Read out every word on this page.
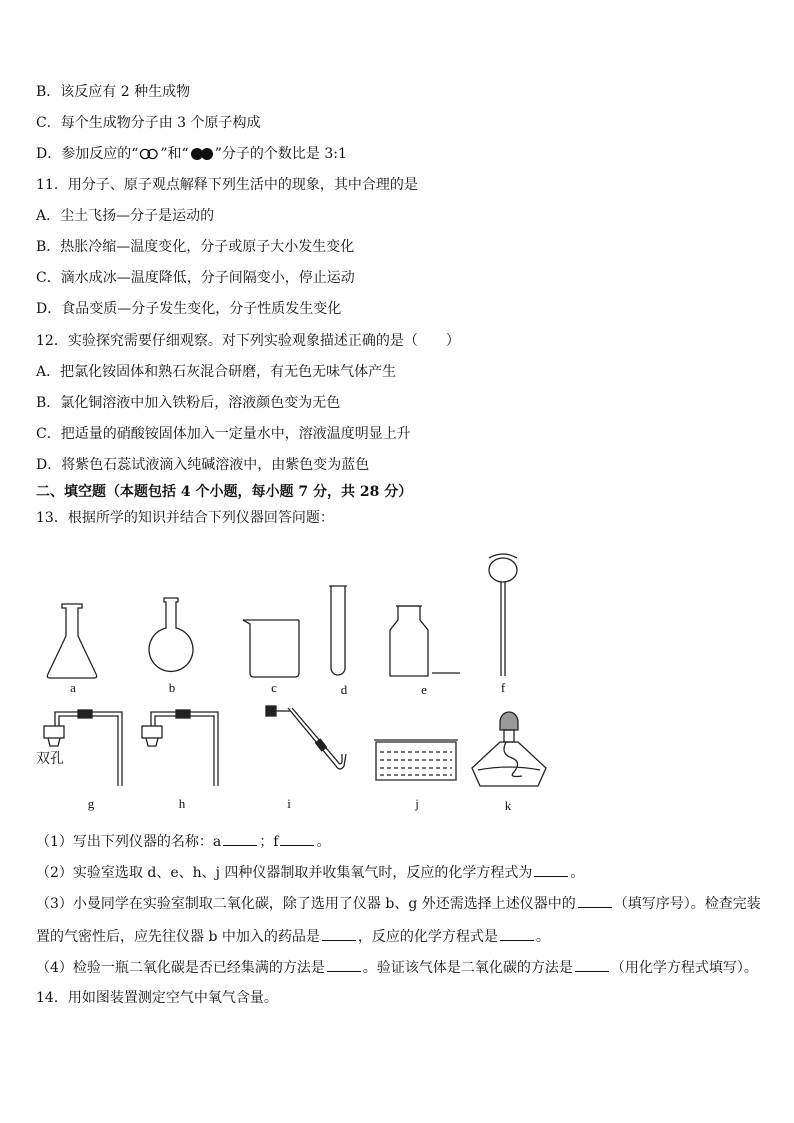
B．该反应有 2 种生成物
C．每个生成物分子由 3 个原子构成
D．参加反应的“ ”和“ ”分子的个数比是 3:1
11．用分子、原子观点解释下列生活中的现象，其中合理的是
A．尘土飞扬—分子是运动的
B．热胀冷缩—温度变化，分子或原子大小发生变化
C．滴水成冰—温度降低，分子间隔变小，停止运动
D．食品变质—分子发生变化，分子性质发生变化
12．实验探究需要仔细观察。对下列实验观象描述正确的是（　　）
A．把氯化铵固体和熟石灰混合研磨，有无色无味气体产生
B．氯化铜溶液中加入铁粉后，溶液颜色变为无色
C．把适量的硝酸铵固体加入一定量水中，溶液温度明显上升
D．将紫色石蕊试液滴入纯碱溶液中，由紫色变为蓝色
二、填空题（本题包括 4 个小题，每小题 7 分，共 28 分）
13．根据所学的知识并结合下列仪器回答问题：
双孔
a	b	c	d	e	f
g	h	i	j	k
（1）写出下列仪器的名称：a	；f	。
（2）实验室选取 d、e、h、j 四种仪器制取并收集氧气时，反应的化学方程式为	。
（3）小曼同学在实验室制取二氧化碳，除了选用了仪器 b、g 外还需选择上述仪器中的	（填写序号）。检查完装
置的气密性后，应先往仪器 b 中加入的药品是	，反应的化学方程式是	。
（4）检验一瓶二氧化碳是否已经集满的方法是	。验证该气体是二氧化碳的方法是	（用化学方程式填写）。
14．用如图装置测定空气中氧气含量。
